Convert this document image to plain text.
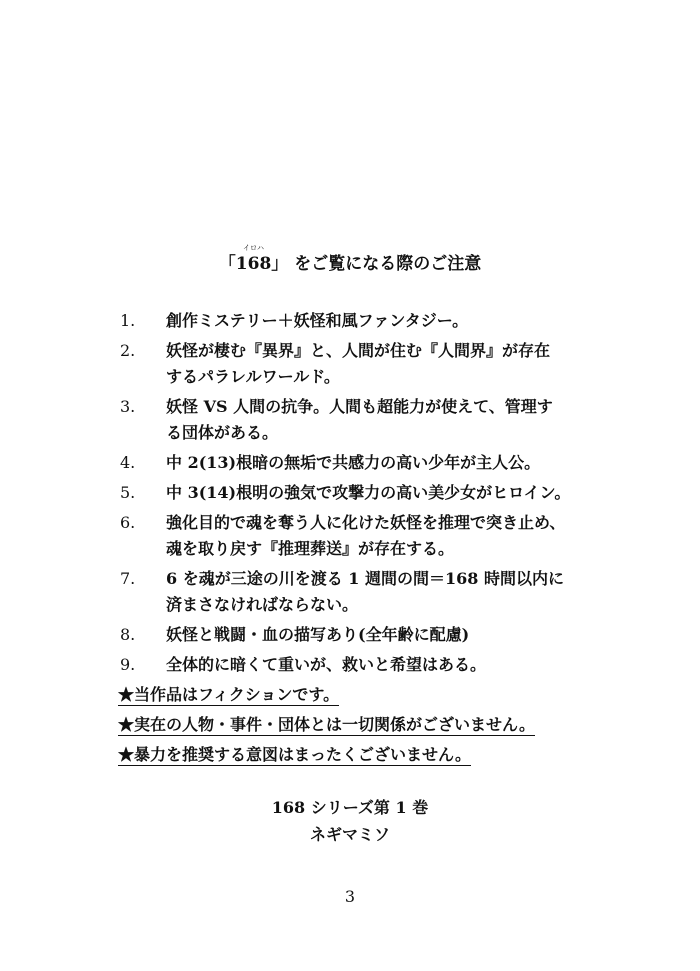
「
イロハ
168」 をご覧になる際のご注意
1.	創作ミステリー＋妖怪和風ファンタジー。
2.	妖怪が棲む『異界』と、人間が住む『人間界』が存在
するパラレルワールド。
3.	妖怪 VS 人間の抗争。人間も超能力が使えて、管理す
る団体がある。
4.	中 2(13)根暗の無垢で共感力の高い少年が主人公。
5.	中 3(14)根明の強気で攻撃力の高い美少女がヒロイン。
6.	強化目的で魂を奪う人に化けた妖怪を推理で突き止め、
魂を取り戻す『推理葬送』が存在する。
7.	6 を魂が三途の川を渡る 1 週間の間＝168 時間以内に
済まさなければならない。
8.	妖怪と戦闘・血の描写あり(全年齢に配慮)
9.	全体的に暗くて重いが、救いと希望はある。
★当作品はフィクションです。
★実在の人物・事件・団体とは一切関係がございません。
★暴力を推奨する意図はまったくございません。
168 シリーズ第 1 巻
ネギマミソ
3
